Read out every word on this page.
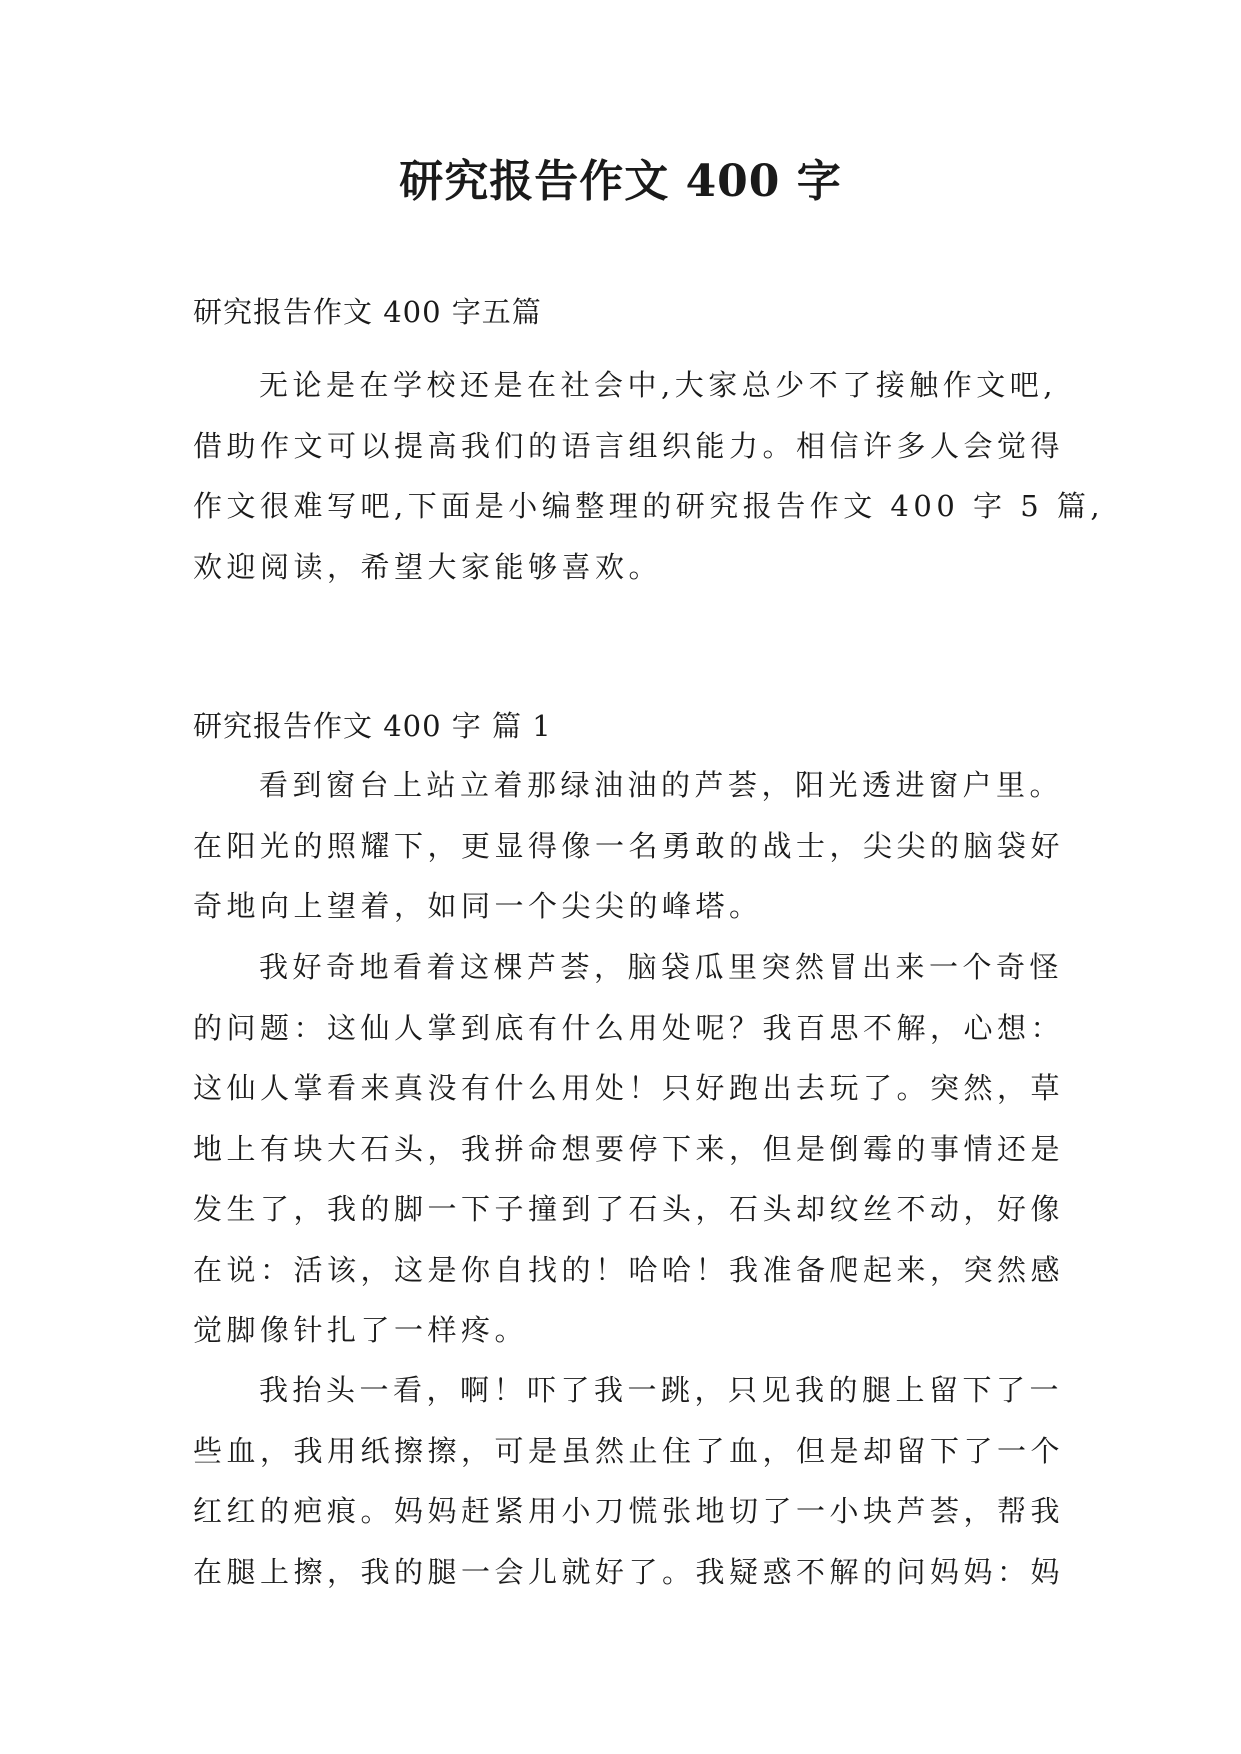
研究报告作文 400 字

研究报告作文 400 字五篇

无论是在学校还是在社会中,大家总少不了接触作文吧,
借助作文可以提高我们的语言组织能力。相信许多人会觉得
作文很难写吧,下面是小编整理的研究报告作文 400 字 5 篇,
欢迎阅读，希望大家能够喜欢。

研究报告作文 400 字 篇 1

看到窗台上站立着那绿油油的芦荟，阳光透进窗户里。
在阳光的照耀下，更显得像一名勇敢的战士，尖尖的脑袋好
奇地向上望着，如同一个尖尖的峰塔。

我好奇地看着这棵芦荟，脑袋瓜里突然冒出来一个奇怪
的问题：这仙人掌到底有什么用处呢？我百思不解，心想：
这仙人掌看来真没有什么用处！只好跑出去玩了。突然，草
地上有块大石头，我拼命想要停下来，但是倒霉的事情还是
发生了，我的脚一下子撞到了石头，石头却纹丝不动，好像
在说：活该，这是你自找的！哈哈！我准备爬起来，突然感
觉脚像针扎了一样疼。

我抬头一看，啊！吓了我一跳，只见我的腿上留下了一
些血，我用纸擦擦，可是虽然止住了血，但是却留下了一个
红红的疤痕。妈妈赶紧用小刀慌张地切了一小块芦荟，帮我
在腿上擦，我的腿一会儿就好了。我疑惑不解的问妈妈：妈
